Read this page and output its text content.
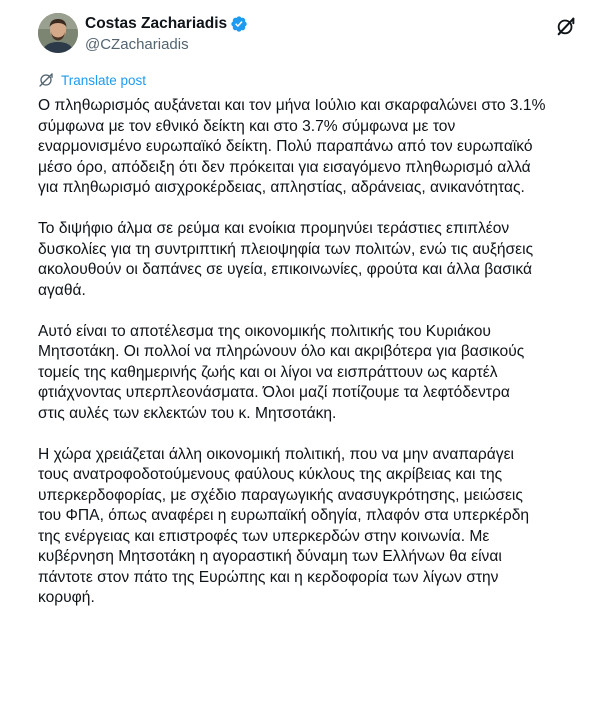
Costas Zachariadis
@CZachariadis
Translate post

Ο πληθωρισμός αυξάνεται και τον μήνα Ιούλιο και σκαρφαλώνει στο 3.1%
σύμφωνα με τον εθνικό δείκτη και στο 3.7% σύμφωνα με τον
εναρμονισμένο ευρωπαϊκό δείκτη. Πολύ παραπάνω από τον ευρωπαϊκό
μέσο όρο, απόδειξη ότι δεν πρόκειται για εισαγόμενο πληθωρισμό αλλά
για πληθωρισμό αισχροκέρδειας, απληστίας, αδράνειας, ανικανότητας.

Το διψήφιο άλμα σε ρεύμα και ενοίκια προμηνύει τεράστιες επιπλέον
δυσκολίες για τη συντριπτική πλειοψηφία των πολιτών, ενώ τις αυξήσεις
ακολουθούν οι δαπάνες σε υγεία, επικοινωνίες, φρούτα και άλλα βασικά
αγαθά.

Αυτό είναι το αποτέλεσμα της οικονομικής πολιτικής του Κυριάκου
Μητσοτάκη. Οι πολλοί να πληρώνουν όλο και ακριβότερα για βασικούς
τομείς της καθημερινής ζωής και οι λίγοι να εισπράττουν ως καρτέλ
φτιάχνοντας υπερπλεονάσματα. Όλοι μαζί ποτίζουμε τα λεφτόδεντρα
στις αυλές των εκλεκτών του κ. Μητσοτάκη.

Η χώρα χρειάζεται άλλη οικονομική πολιτική, που να μην αναπαράγει
τους ανατροφοδοτούμενους φαύλους κύκλους της ακρίβειας και της
υπερκερδοφορίας, με σχέδιο παραγωγικής ανασυγκρότησης, μειώσεις
του ΦΠΑ, όπως αναφέρει η ευρωπαϊκή οδηγία, πλαφόν στα υπερκέρδη
της ενέργειας και επιστροφές των υπερκερδών στην κοινωνία. Με
κυβέρνηση Μητσοτάκη η αγοραστική δύναμη των Ελλήνων θα είναι
πάντοτε στον πάτο της Ευρώπης και η κερδοφορία των λίγων στην
κορυφή.
